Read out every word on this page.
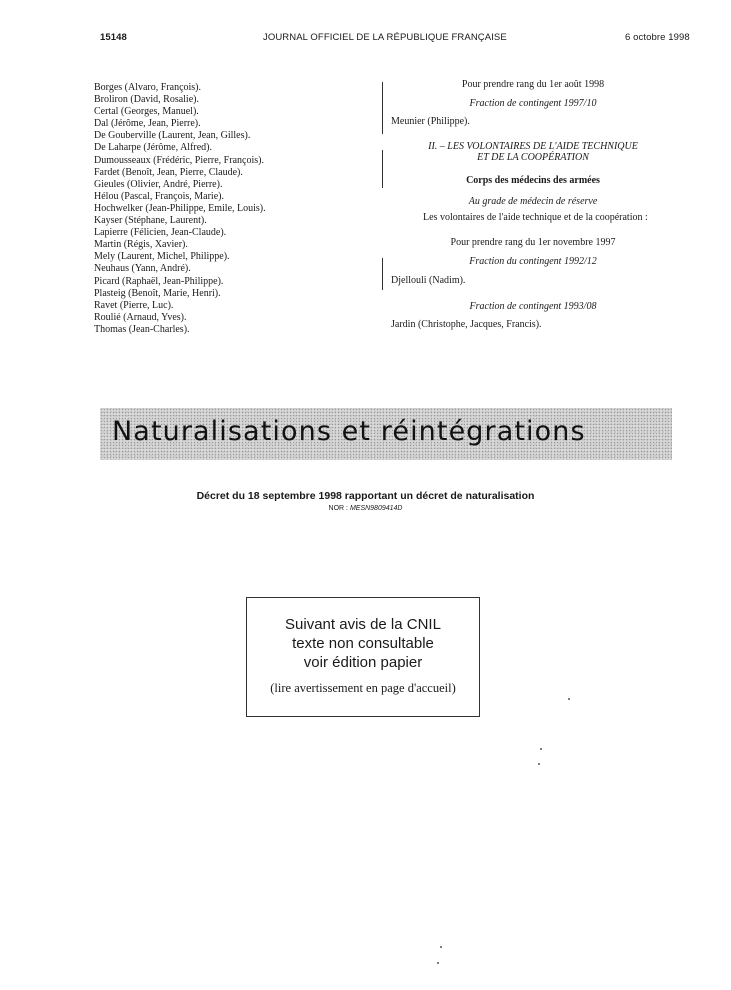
15148	JOURNAL OFFICIEL DE LA RÉPUBLIQUE FRANÇAISE	6 octobre 1998
Borges (Alvaro, François).
Broliron (David, Rosalie).
Certal (Georges, Manuel).
Dal (Jérôme, Jean, Pierre).
De Gouberville (Laurent, Jean, Gilles).
De Laharpe (Jérôme, Alfred).
Dumousseaux (Frédéric, Pierre, François).
Fardet (Benoît, Jean, Pierre, Claude).
Gieules (Olivier, André, Pierre).
Hélou (Pascal, François, Marie).
Hochwelker (Jean-Philippe, Emile, Louis).
Kayser (Stéphane, Laurent).
Lapierre (Félicien, Jean-Claude).
Martin (Régis, Xavier).
Mely (Laurent, Michel, Philippe).
Neuhaus (Yann, André).
Picard (Raphaël, Jean-Philippe).
Plasteig (Benoît, Marie, Henri).
Ravet (Pierre, Luc).
Roulié (Arnaud, Yves).
Thomas (Jean-Charles).
Pour prendre rang du 1er août 1998
Fraction de contingent 1997/10
Meunier (Philippe).
II. – LES VOLONTAIRES DE L'AIDE TECHNIQUE
ET DE LA COOPÉRATION
Corps des médecins des armées
Au grade de médecin de réserve
Les volontaires de l'aide technique et de la coopération :
Pour prendre rang du 1er novembre 1997
Fraction du contingent 1992/12
Djellouli (Nadim).
Fraction de contingent 1993/08
Jardin (Christophe, Jacques, Francis).
Naturalisations et réintégrations
Décret du 18 septembre 1998 rapportant un décret de naturalisation
NOR : MESN9809414D
Suivant avis de la CNIL
texte non consultable
voir édition papier
(lire avertissement en page d'accueil)
